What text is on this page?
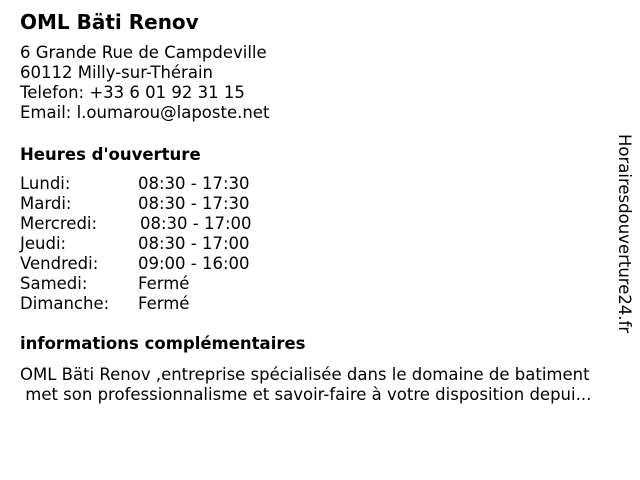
OML Bäti Renov
6 Grande Rue de Campdeville
60112 Milly-sur-Thérain
Telefon: +33 6 01 92 31 15
Email: l.oumarou@laposte.net
Heures d'ouverture
Lundi:	08:30 - 17:30
Mardi:	08:30 - 17:30
Mercredi:	08:30 - 17:00
Jeudi:	08:30 - 17:00
Vendredi: 09:00 - 16:00
Samedi:	Fermé
Dimanche: Fermé
informations complémentaires
OML Bäti Renov ,entreprise spécialisée dans le domaine de batiment
met son professionnalisme et savoir-faire à votre disposition depui...
Horairesdouverture24.fr
